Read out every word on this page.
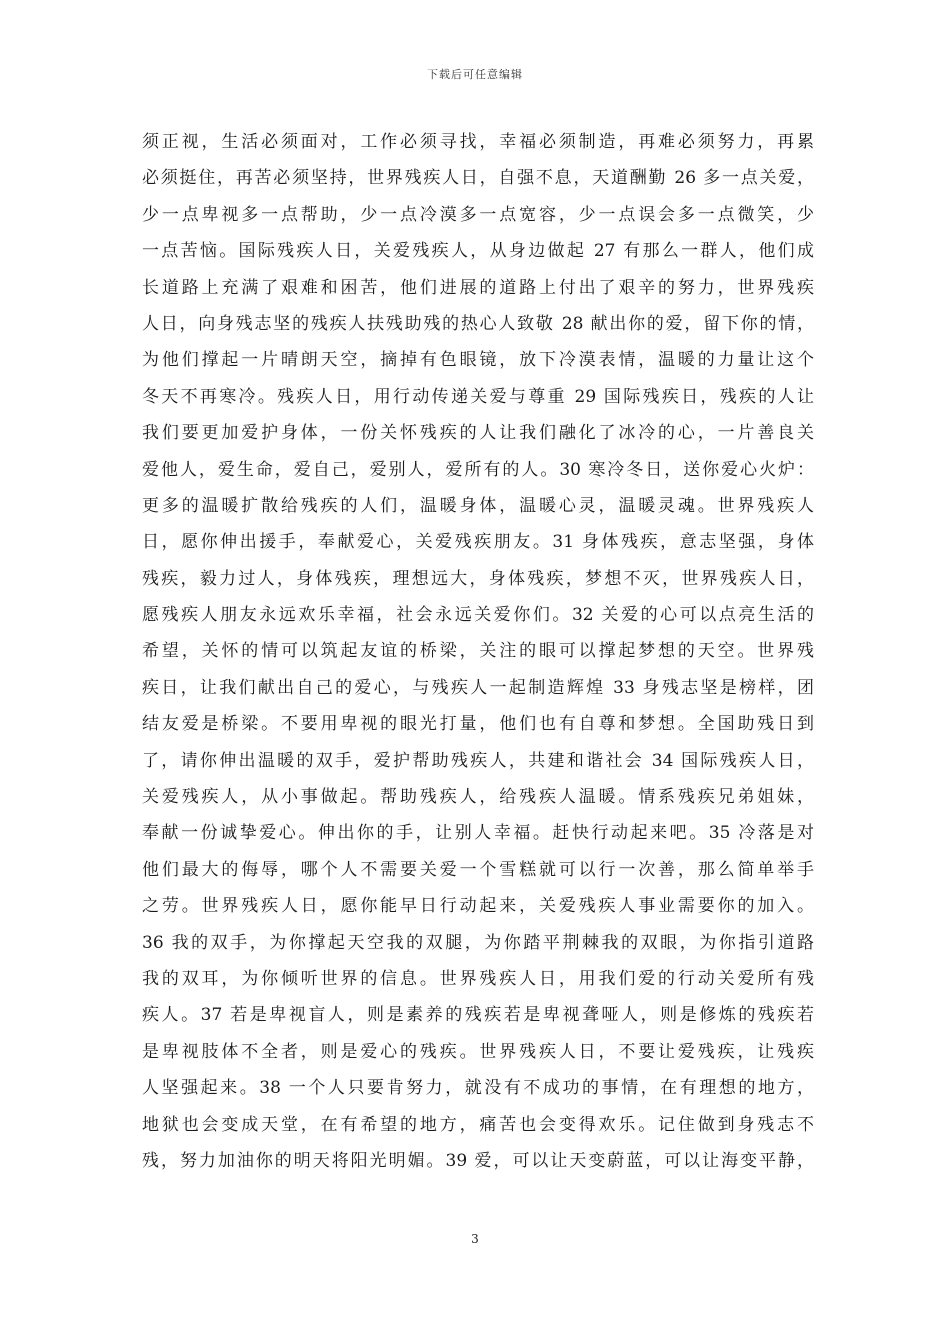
下载后可任意编辑
须正视，生活必须面对，工作必须寻找，幸福必须制造，再难必须努力，再累
必须挺住，再苦必须坚持，世界残疾人日，自强不息，天道酬勤 26 多一点关爱，
少一点卑视多一点帮助，少一点冷漠多一点宽容，少一点误会多一点微笑，少
一点苦恼。国际残疾人日，关爱残疾人，从身边做起 27 有那么一群人，他们成
长道路上充满了艰难和困苦，他们进展的道路上付出了艰辛的努力，世界残疾
人日，向身残志坚的残疾人扶残助残的热心人致敬 28 献出你的爱，留下你的情，
为他们撑起一片晴朗天空，摘掉有色眼镜，放下冷漠表情，温暖的力量让这个
冬天不再寒冷。残疾人日，用行动传递关爱与尊重 29 国际残疾日，残疾的人让
我们要更加爱护身体，一份关怀残疾的人让我们融化了冰冷的心，一片善良关
爱他人，爱生命，爱自己，爱别人，爱所有的人。30 寒冷冬日，送你爱心火炉：
更多的温暖扩散给残疾的人们，温暖身体，温暖心灵，温暖灵魂。世界残疾人
日，愿你伸出援手，奉献爱心，关爱残疾朋友。31 身体残疾，意志坚强，身体
残疾，毅力过人，身体残疾，理想远大，身体残疾，梦想不灭，世界残疾人日，
愿残疾人朋友永远欢乐幸福，社会永远关爱你们。32 关爱的心可以点亮生活的
希望，关怀的情可以筑起友谊的桥梁，关注的眼可以撑起梦想的天空。世界残
疾日，让我们献出自己的爱心，与残疾人一起制造辉煌 33 身残志坚是榜样，团
结友爱是桥梁。不要用卑视的眼光打量，他们也有自尊和梦想。全国助残日到
了，请你伸出温暖的双手，爱护帮助残疾人，共建和谐社会 34 国际残疾人日，
关爱残疾人，从小事做起。帮助残疾人，给残疾人温暖。情系残疾兄弟姐妹，
奉献一份诚挚爱心。伸出你的手，让别人幸福。赶快行动起来吧。35 冷落是对
他们最大的侮辱，哪个人不需要关爱一个雪糕就可以行一次善，那么简单举手
之劳。世界残疾人日，愿你能早日行动起来，关爱残疾人事业需要你的加入。
36 我的双手，为你撑起天空我的双腿，为你踏平荆棘我的双眼，为你指引道路
我的双耳，为你倾听世界的信息。世界残疾人日，用我们爱的行动关爱所有残
疾人。37 若是卑视盲人，则是素养的残疾若是卑视聋哑人，则是修炼的残疾若
是卑视肢体不全者，则是爱心的残疾。世界残疾人日，不要让爱残疾，让残疾
人坚强起来。38 一个人只要肯努力，就没有不成功的事情，在有理想的地方，
地狱也会变成天堂，在有希望的地方，痛苦也会变得欢乐。记住做到身残志不
残，努力加油你的明天将阳光明媚。39 爱，可以让天变蔚蓝，可以让海变平静，
3
